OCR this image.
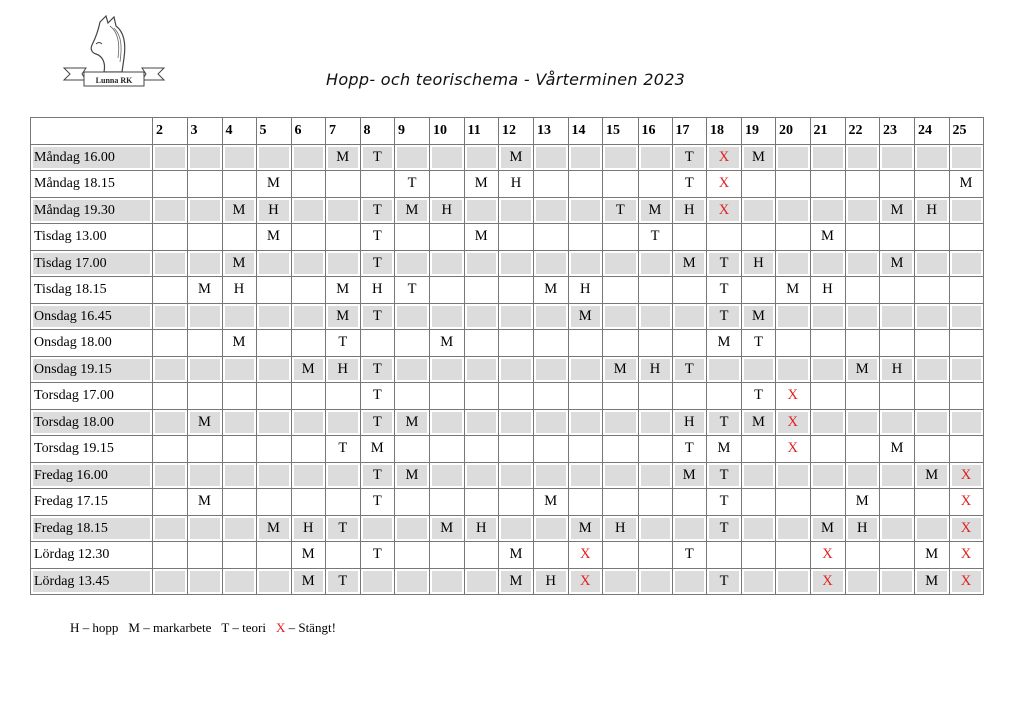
Lunna RK	Hopp- och teorischema - Vårterminen 2023
	2	3	4	5	6	7	8	9	10	11	12	13	14	15	16	17	18	19	20	21	22	23	24	25

Måndag 16.00						M	T				M					T	X	M						

Måndag 18.15				M				T		M	H					T	X							M

Måndag 19.30			M	H			T	M	H					T	M	H	X					M	H	

Tisdag 13.00				M			T			M					T					M				

Tisdag 17.00			M				T									M	T	H				M		

Tisdag 18.15		M	H			M	H	T				M	H				T		M	H				

Onsdag 16.45						M	T						M				T	M						

Onsdag 18.00			M			T			M								M	T						

Onsdag 19.15					M	H	T							M	H	T					M	H		

Torsdag 17.00							T											T	X					

Torsdag 18.00		M					T	M								H	T	M	X					

Torsdag 19.15						T	M									T	M		X			M		

Fredag 16.00							T	M								M	T						M	X

Fredag 17.15		M					T					M					T				M			X

Fredag 18.15				M	H	T			M	H			M	H			T			M	H			X

Lördag 12.30					M		T				M		X			T				X			M	X

Lördag 13.45					M	T					M	H	X				T			X			M	X
H – hopp M – markarbete T – teori X – Stängt!
